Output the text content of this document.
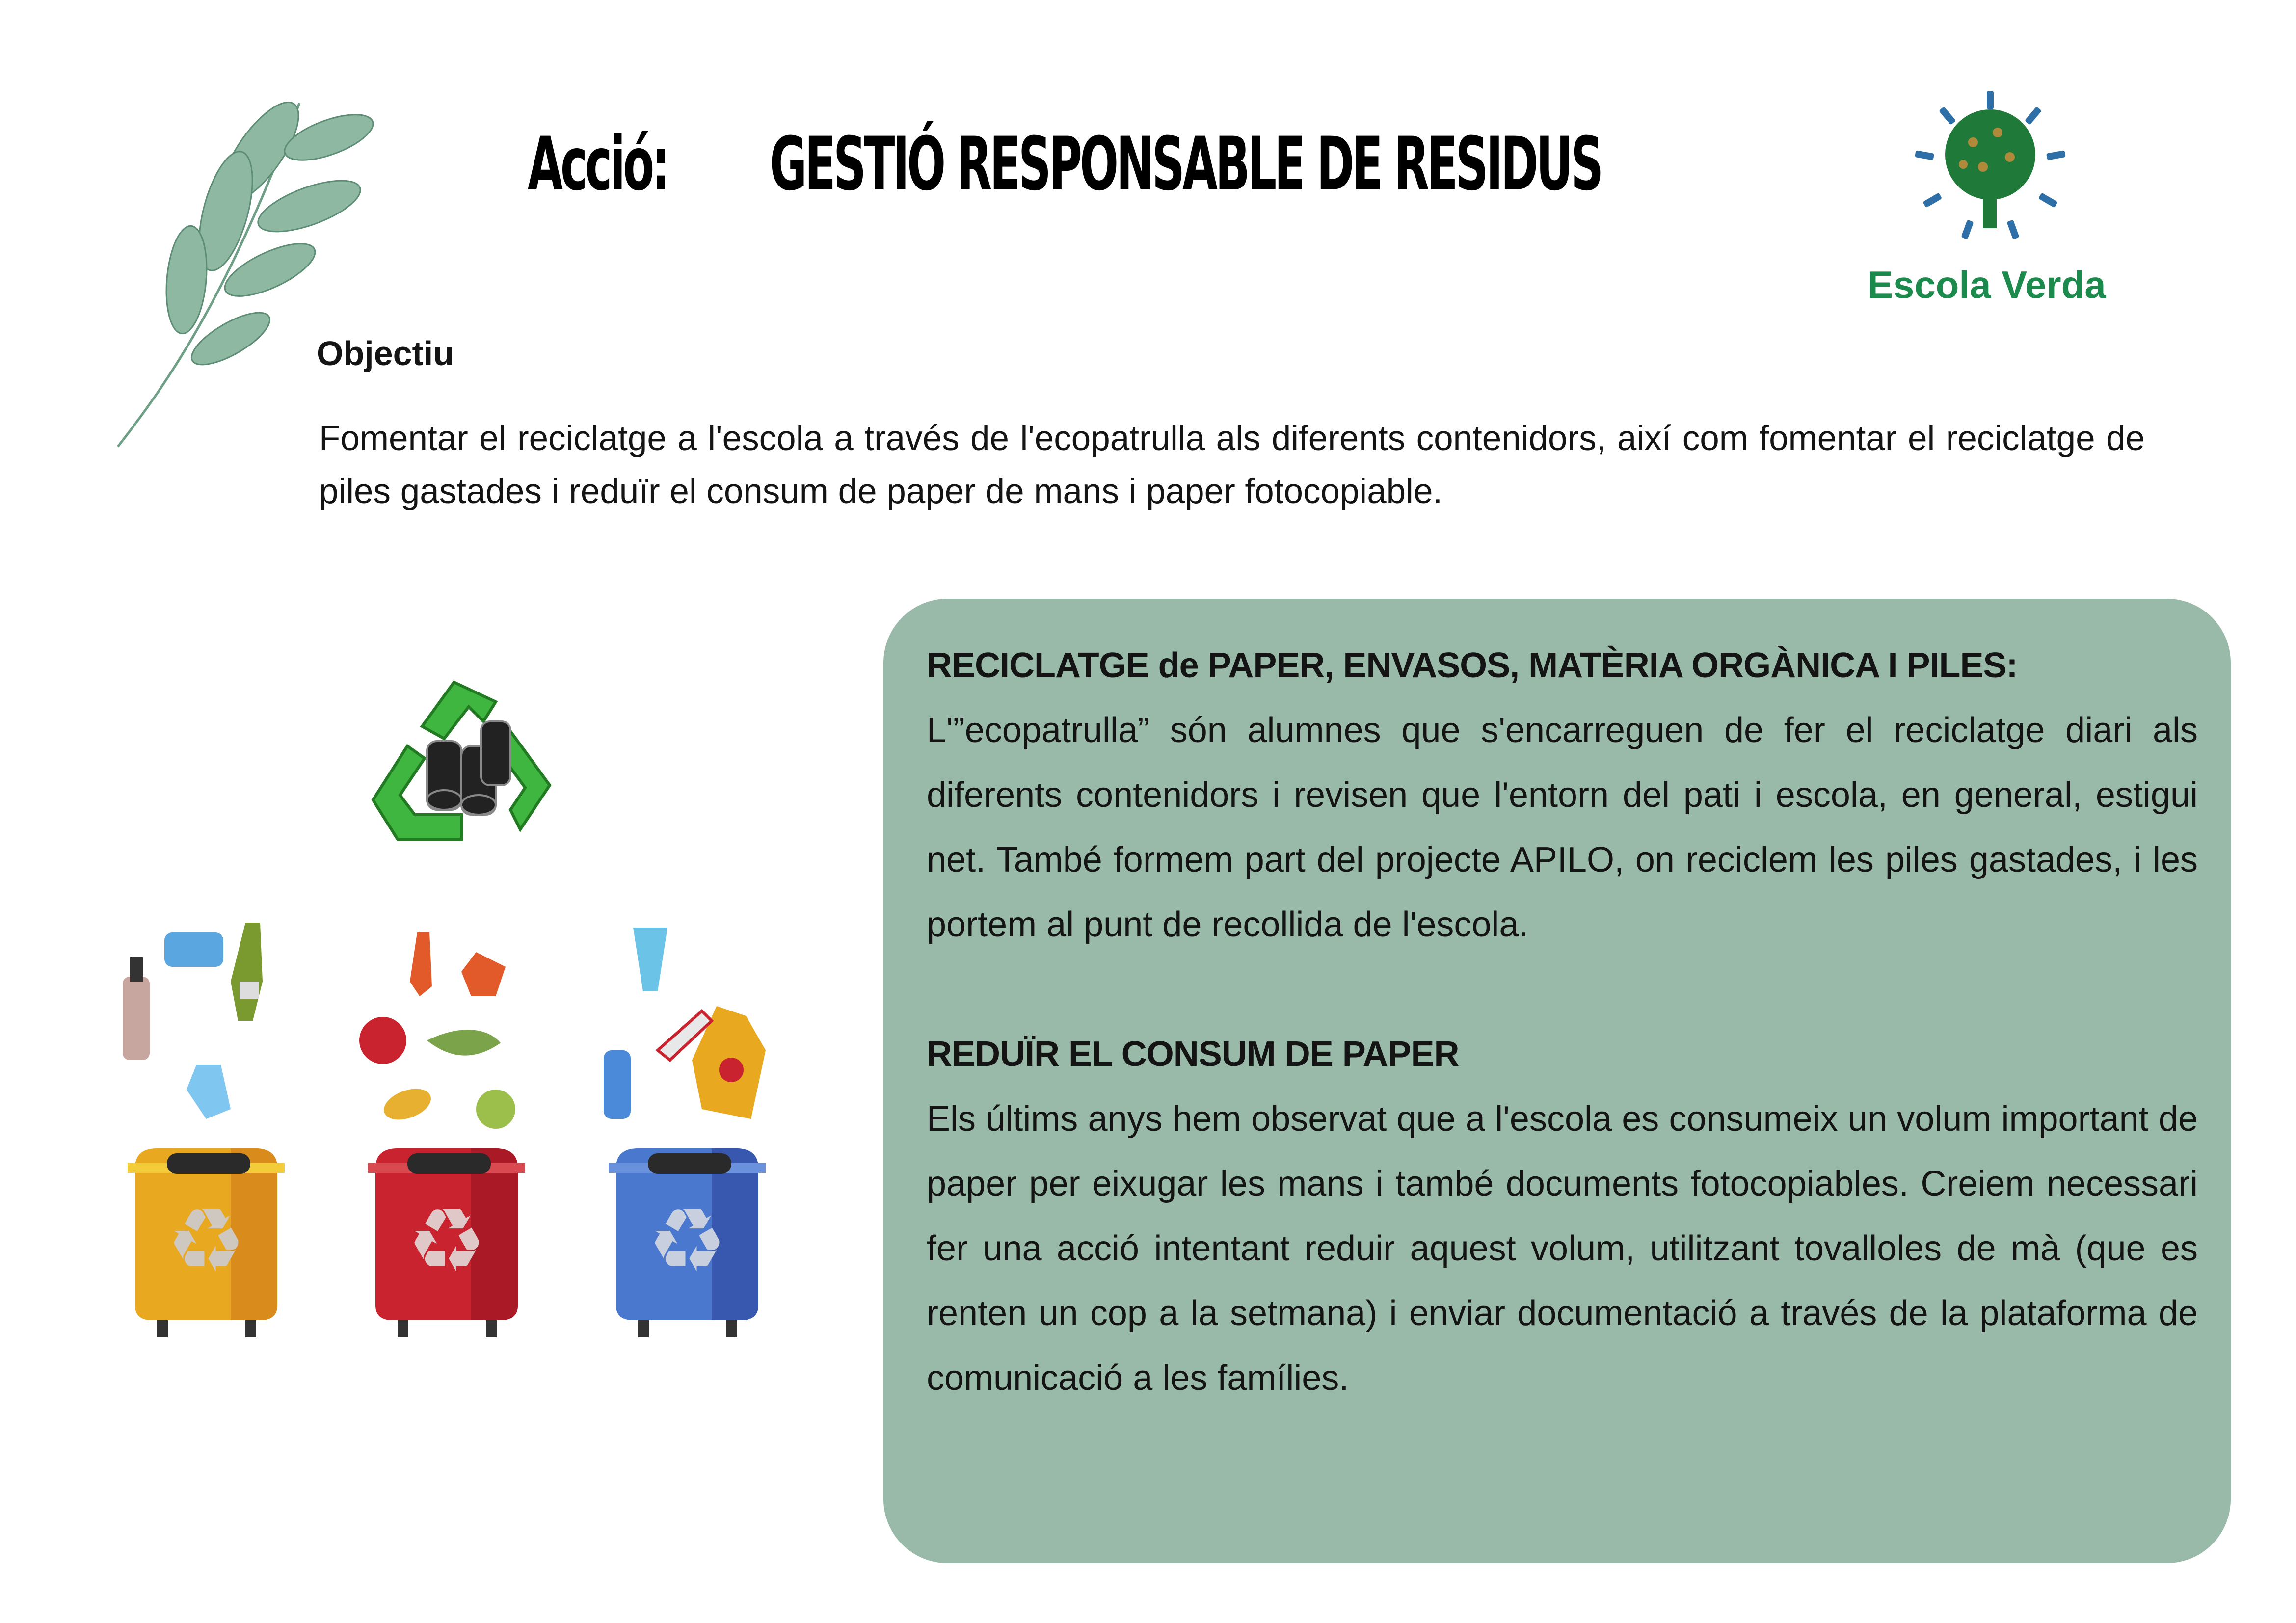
Acció: GESTIÓ RESPONSABLE DE RESIDUS
Escola Verda
Objectiu
Fomentar el reciclatge a l'escola a través de l'ecopatrulla als diferents contenidors, així com fomentar el reciclatge de piles gastades i reduïr el consum de paper de mans i paper fotocopiable.
♻ ♻ ♻
RECICLATGE de PAPER, ENVASOS, MATÈRIA ORGÀNICA I PILES:

L'”ecopatrulla” són alumnes que s'encarreguen de fer el reciclatge diari als diferents contenidors i revisen que l'entorn del pati i escola, en general, estigui net. També formem part del projecte APILO, on reciclem les piles gastades, i les portem al punt de recollida de l'escola.

REDUÏR EL CONSUM DE PAPER

Els últims anys hem observat que a l'escola es consumeix un volum important de paper per eixugar les mans i també documents fotocopiables. Creiem necessari fer una acció intentant reduir aquest volum, utilitzant tovalloles de mà (que es renten un cop a la setmana) i enviar documentació a través de la plataforma de comunicació a les famílies.
